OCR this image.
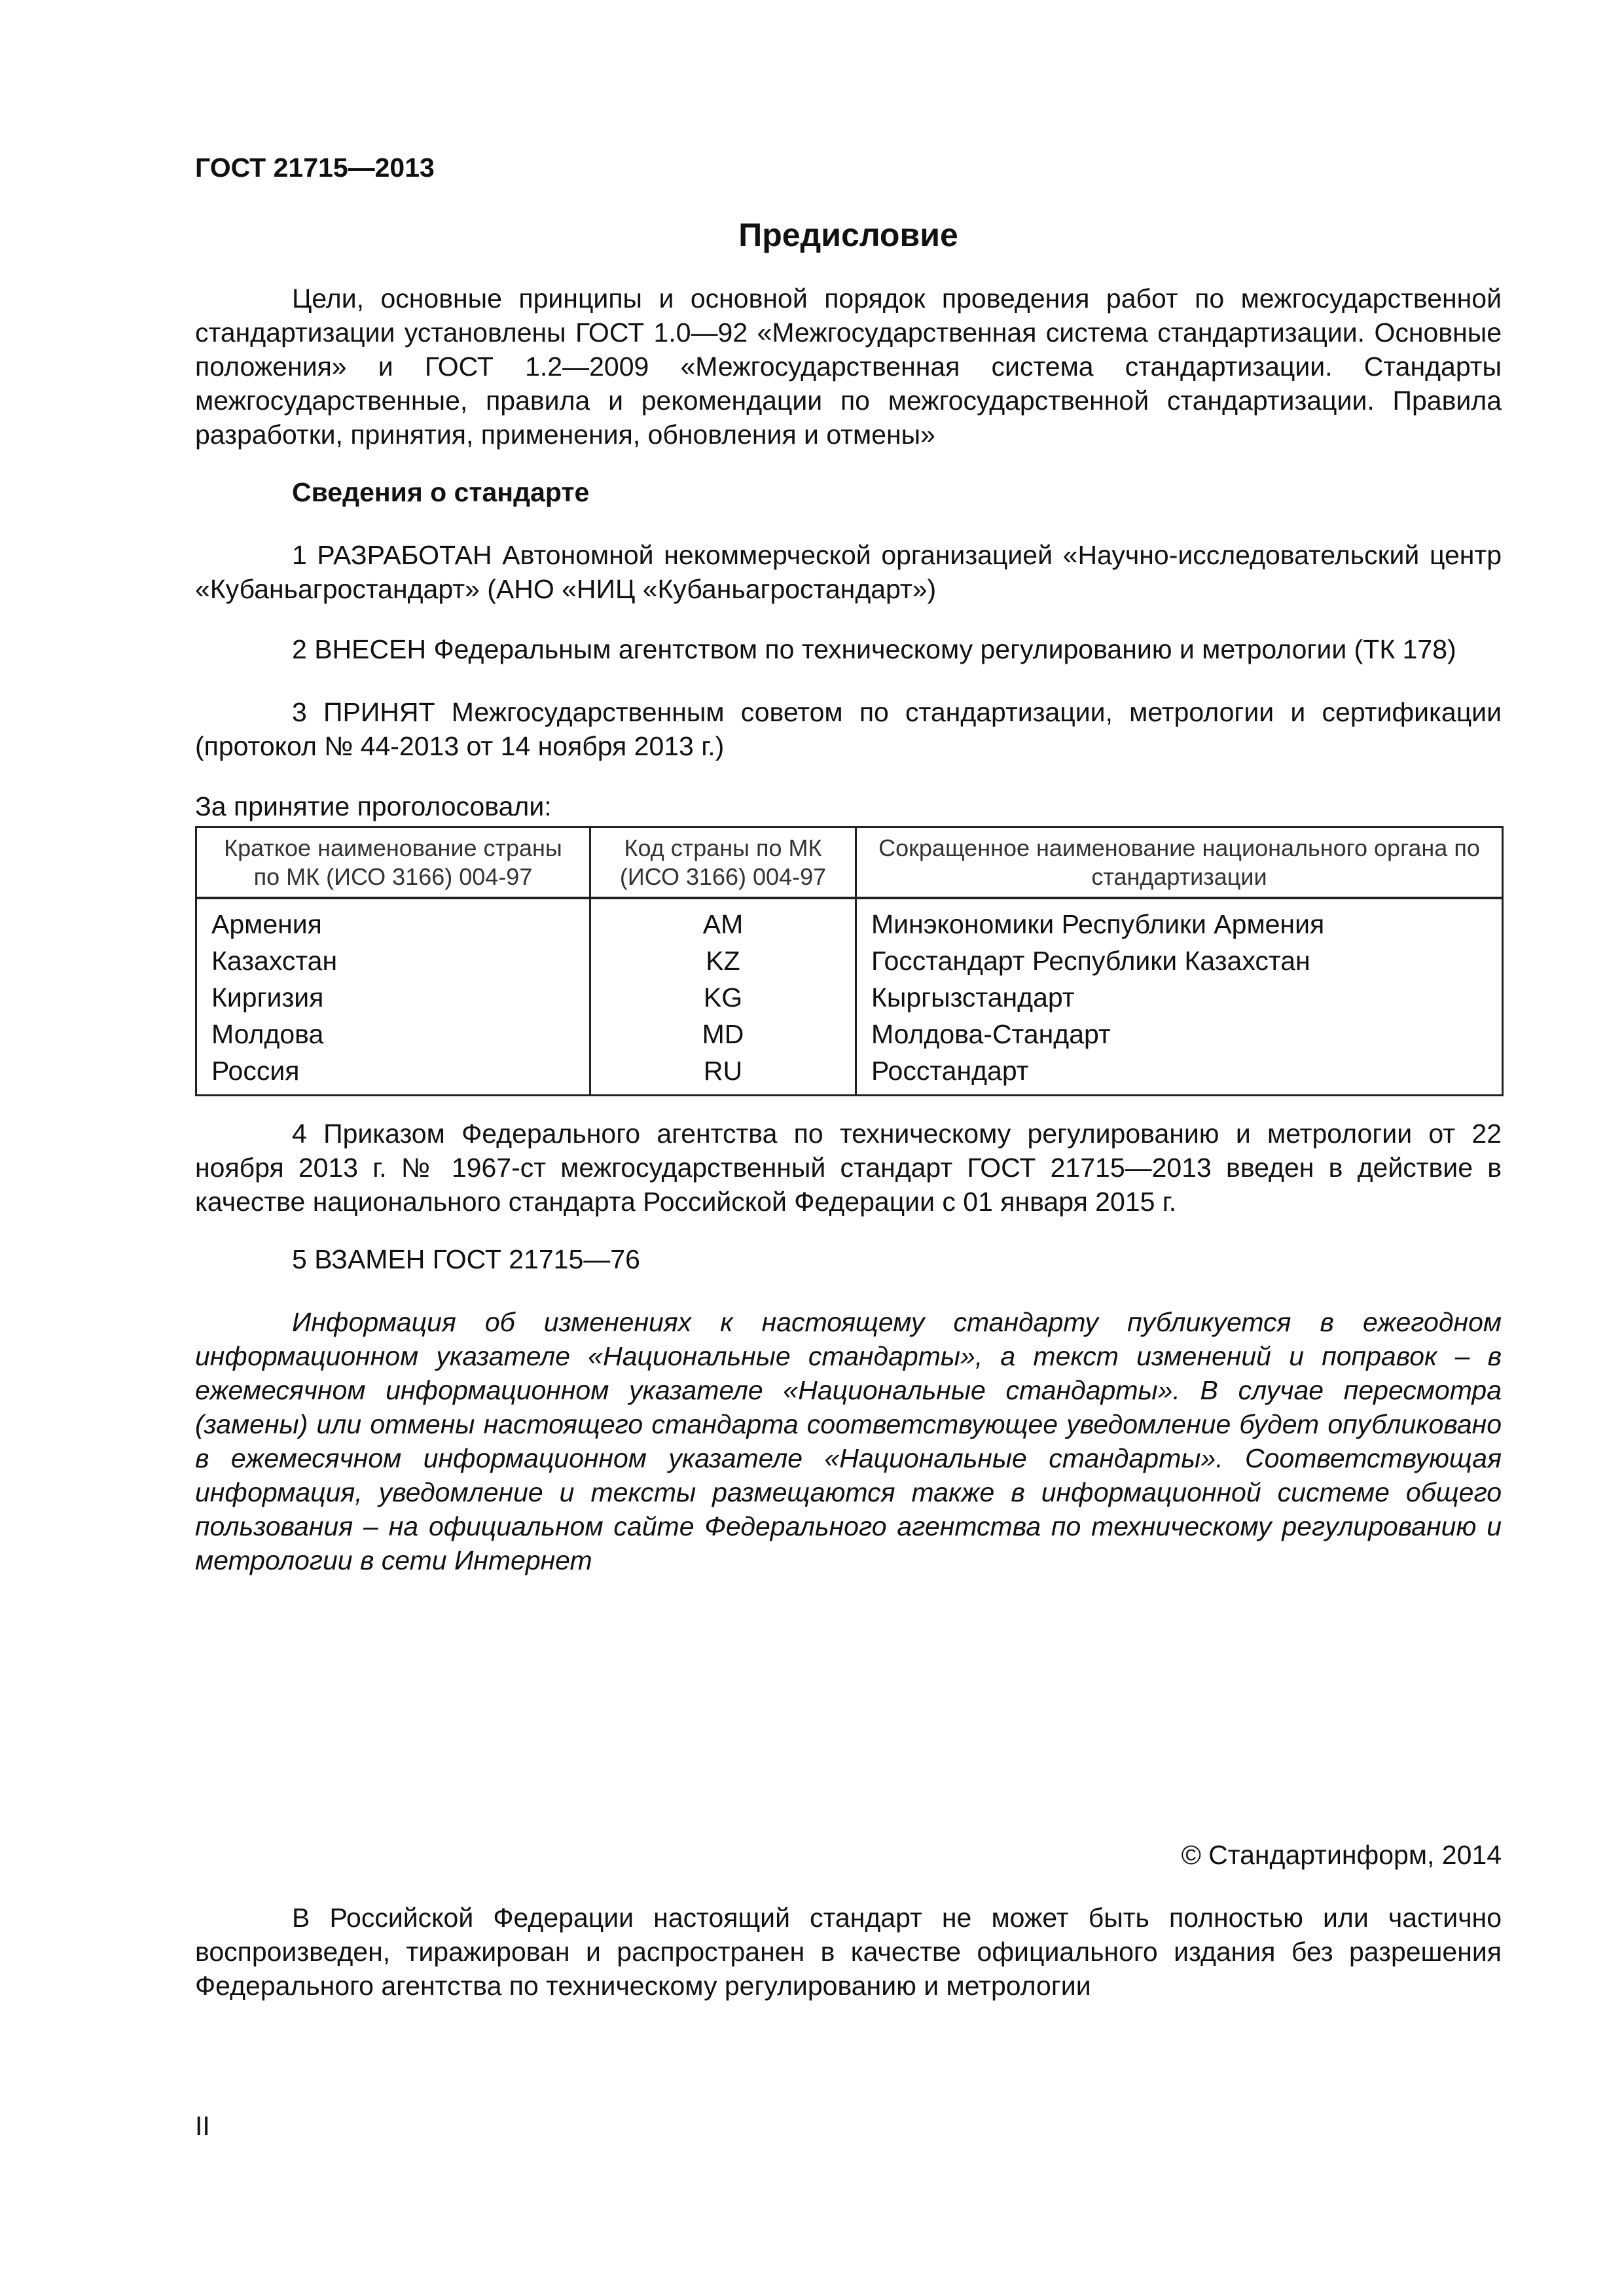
ГОСТ 21715—2013
Предисловие

Цели, основные принципы и основной порядок проведения работ по межгосударственной стандартизации установлены ГОСТ 1.0—92 «Межгосударственная система стандартизации. Основные положения» и ГОСТ 1.2—2009 «Межгосударственная система стандартизации. Стандарты межгосударственные, правила и рекомендации по межгосударственной стандартизации. Правила разработки, принятия, применения, обновления и отмены»

Сведения о стандарте

1 РАЗРАБОТАН Автономной некоммерческой организацией «Научно-исследовательский центр «Кубаньагростандарт» (АНО «НИЦ «Кубаньагростандарт»)

2 ВНЕСЕН Федеральным агентством по техническому регулированию и метрологии (ТК 178)

3 ПРИНЯТ Межгосударственным советом по стандартизации, метрологии и сертификации (протокол № 44-2013 от 14 ноября 2013 г.)

За принятие проголосовали:

Краткое наименование страны по МК (ИСО 3166) 004-97	Код страны по МК (ИСО 3166) 004-97	Сокращенное наименование национального органа по стандартизации
Армения	AM	Минэкономики Республики Армения
Казахстан	KZ	Госстандарт Республики Казахстан
Киргизия	KG	Кыргызстандарт
Молдова	MD	Молдова-Стандарт
Россия	RU	Росстандарт

4 Приказом Федерального агентства по техническому регулированию и метрологии от 22 ноября 2013 г. № 1967-ст межгосударственный стандарт ГОСТ 21715—2013 введен в действие в качестве национального стандарта Российской Федерации с 01 января 2015 г.

5 ВЗАМЕН ГОСТ 21715—76

Информация об изменениях к настоящему стандарту публикуется в ежегодном информационном указателе «Национальные стандарты», а текст изменений и поправок – в ежемесячном информационном указателе «Национальные стандарты». В случае пересмотра (замены) или отмены настоящего стандарта соответствующее уведомление будет опубликовано в ежемесячном информационном указателе «Национальные стандарты». Соответствующая информация, уведомление и тексты размещаются также в информационной системе общего пользования – на официальном сайте Федерального агентства по техническому регулированию и метрологии в сети Интернет

© Стандартинформ, 2014

В Российской Федерации настоящий стандарт не может быть полностью или частично воспроизведен, тиражирован и распространен в качестве официального издания без разрешения Федерального агентства по техническому регулированию и метрологии

II
